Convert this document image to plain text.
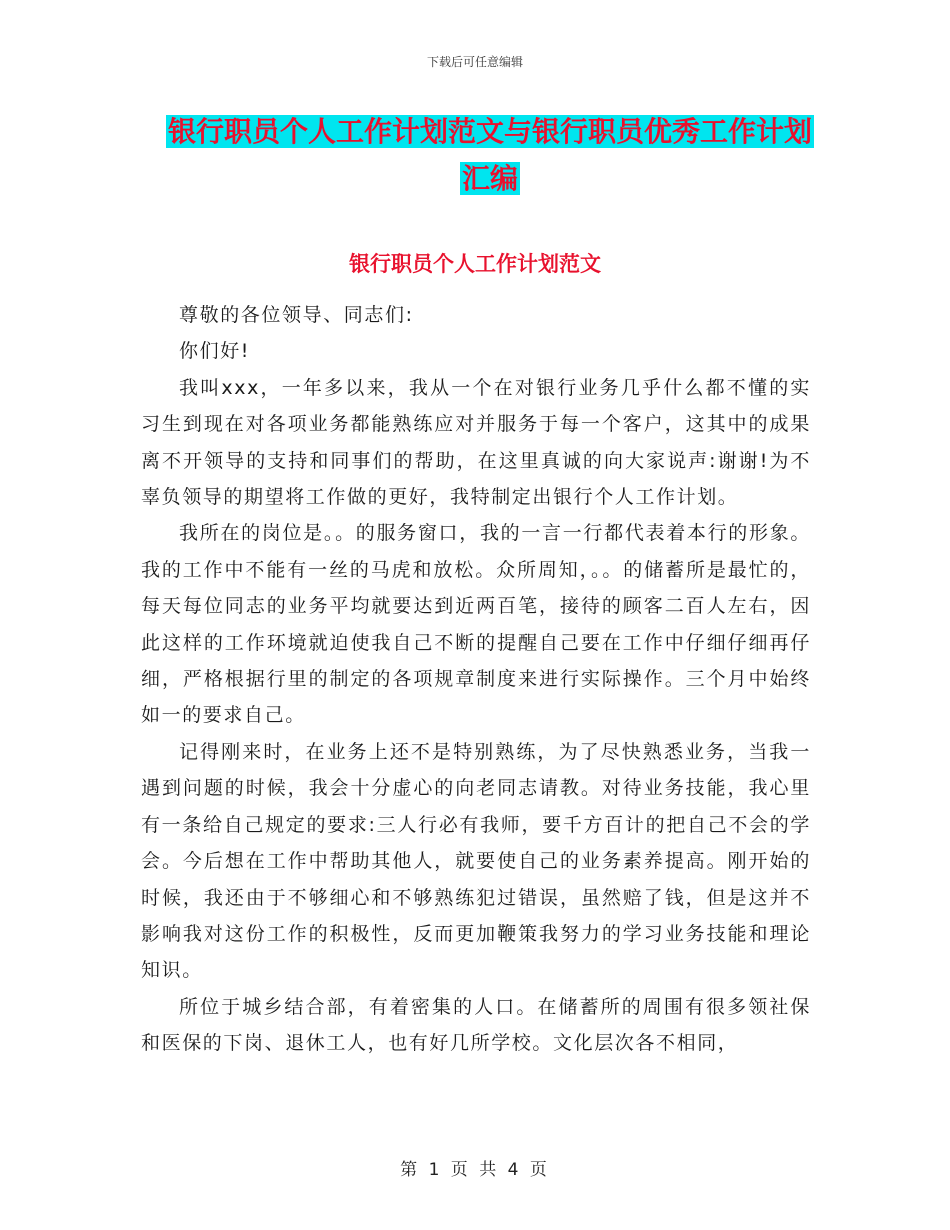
下载后可任意编辑
银行职员个人工作计划范文与银行职员优秀工作计划
汇编
银行职员个人工作计划范文

尊敬的各位领导、同志们:

你们好!

我叫xxx，一年多以来，我从一个在对银行业务几乎什么都不懂的实习生到现在对各项业务都能熟练应对并服务于每一个客户，这其中的成果离不开领导的支持和同事们的帮助，在这里真诚的向大家说声:谢谢!为不辜负领导的期望将工作做的更好，我特制定出银行个人工作计划。

我所在的岗位是。。的服务窗口，我的一言一行都代表着本行的形象。我的工作中不能有一丝的马虎和放松。众所周知，。。的储蓄所是最忙的，每天每位同志的业务平均就要达到近两百笔，接待的顾客二百人左右，因此这样的工作环境就迫使我自己不断的提醒自己要在工作中仔细仔细再仔细，严格根据行里的制定的各项规章制度来进行实际操作。三个月中始终如一的要求自己。

记得刚来时，在业务上还不是特别熟练，为了尽快熟悉业务，当我一遇到问题的时候，我会十分虚心的向老同志请教。对待业务技能，我心里有一条给自己规定的要求:三人行必有我师，要千方百计的把自己不会的学会。今后想在工作中帮助其他人，就要使自己的业务素养提高。刚开始的时候，我还由于不够细心和不够熟练犯过错误，虽然赔了钱，但是这并不影响我对这份工作的积极性，反而更加鞭策我努力的学习业务技能和理论知识。

所位于城乡结合部，有着密集的人口。在储蓄所的周围有很多领社保和医保的下岗、退休工人，也有好几所学校。文化层次各不相同，

第 1 页 共 4 页
